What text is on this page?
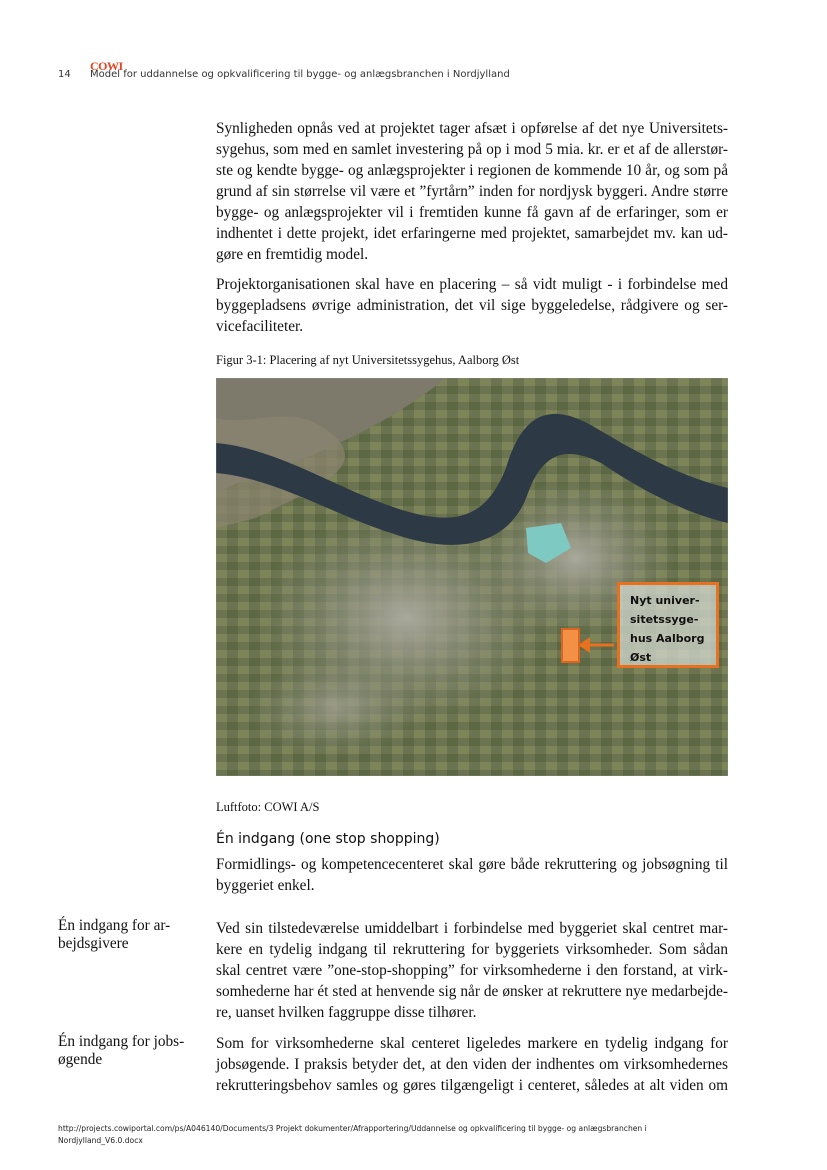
COWI
14 Model for uddannelse og opkvalificering til bygge- og anlægsbranchen i Nordjylland
Synligheden opnås ved at projektet tager afsæt i opførelse af det nye Universitets-
sygehus, som med en samlet investering på op i mod 5 mia. kr. er et af de allerstør-
ste og kendte bygge- og anlægsprojekter i regionen de kommende 10 år, og som på
grund af sin størrelse vil være et ”fyrtårn” inden for nordjysk byggeri. Andre større
bygge- og anlægsprojekter vil i fremtiden kunne få gavn af de erfaringer, som er
indhentet i dette projekt, idet erfaringerne med projektet, samarbejdet mv. kan ud-
gøre en fremtidig model.
Projektorganisationen skal have en placering – så vidt muligt - i forbindelse med
byggepladsens øvrige administration, det vil sige byggeledelse, rådgivere og ser-
vicefaciliteter.
Figur 3-1: Placering af nyt Universitetssygehus, Aalborg Øst
Nyt univer-
sitetssyge-
hus Aalborg
Øst
Luftfoto: COWI A/S
Én indgang (one stop shopping)
Formidlings- og kompetencecenteret skal gøre både rekruttering og jobsøgning til
byggeriet enkel.
Én indgang for ar-
bejdsgivere
Ved sin tilstedeværelse umiddelbart i forbindelse med byggeriet skal centret mar-
kere en tydelig indgang til rekruttering for byggeriets virksomheder. Som sådan
skal centret være ”one-stop-shopping” for virksomhederne i den forstand, at virk-
somhederne har ét sted at henvende sig når de ønsker at rekruttere nye medarbejde-
re, uanset hvilken faggruppe disse tilhører.
Én indgang for jobs-
øgende
Som for virksomhederne skal centeret ligeledes markere en tydelig indgang for
jobsøgende. I praksis betyder det, at den viden der indhentes om virksomhedernes
rekrutteringsbehov samles og gøres tilgængeligt i centeret, således at alt viden om
http://projects.cowiportal.com/ps/A046140/Documents/3 Projekt dokumenter/Afrapportering/Uddannelse og opkvalificering til bygge- og anlægsbranchen i
Nordjylland_V6.0.docx
